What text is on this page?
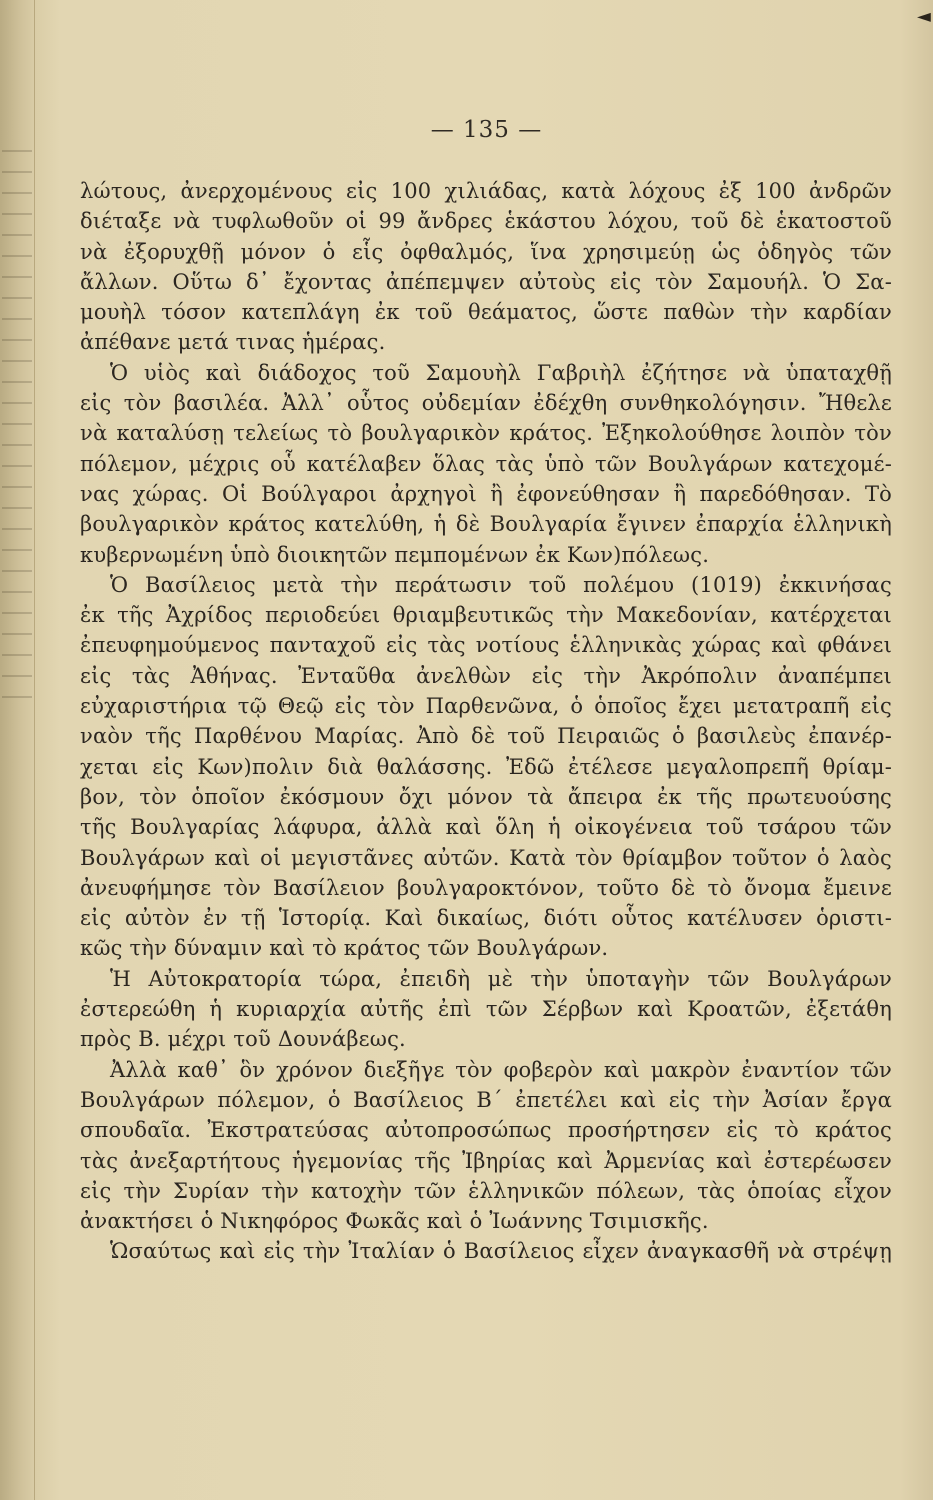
◄
— 135 —
λώτους, ἀνερχομένους εἰς 100 χιλιάδας, κατὰ λόχους ἐξ 100 ἀνδρῶν
διέταξε νὰ τυφλωθοῦν οἱ 99 ἄνδρες ἑκάστου λόχου, τοῦ δὲ ἑκατοστοῦ
νὰ ἐξορυχθῇ μόνον ὁ εἷς ὀφθαλμός, ἵνα χρησιμεύῃ ὡς ὁδηγὸς τῶν
ἄλλων. Οὕτω δ᾽ ἔχοντας ἀπέπεμψεν αὐτοὺς εἰς τὸν Σαμουήλ. Ὁ Σα-
μουὴλ τόσον κατεπλάγη ἐκ τοῦ θεάματος, ὥστε παθὼν τὴν καρδίαν
ἀπέθανε μετά τινας ἡμέρας.
Ὁ υἱὸς καὶ διάδοχος τοῦ Σαμουὴλ Γαβριὴλ ἐζήτησε νὰ ὑπαταχθῇ
εἰς τὸν βασιλέα. Ἀλλ᾽ οὗτος οὐδεμίαν ἐδέχθη συνθηκολόγησιν. Ἤθελε
νὰ καταλύσῃ τελείως τὸ βουλγαρικὸν κράτος. Ἐξηκολούθησε λοιπὸν τὸν
πόλεμον, μέχρις οὗ κατέλαβεν ὅλας τὰς ὑπὸ τῶν Βουλγάρων κατεχομέ-
νας χώρας. Οἱ Βούλγαροι ἀρχηγοὶ ἢ ἐφονεύθησαν ἢ παρεδόθησαν. Τὸ
βουλγαρικὸν κράτος κατελύθη, ἡ δὲ Βουλγαρία ἔγινεν ἐπαρχία ἑλληνικὴ
κυβερνωμένη ὑπὸ διοικητῶν πεμπομένων ἐκ Κων)πόλεως.
Ὁ Βασίλειος μετὰ τὴν περάτωσιν τοῦ πολέμου (1019) ἐκκινήσας
ἐκ τῆς Ἀχρίδος περιοδεύει θριαμβευτικῶς τὴν Μακεδονίαν, κατέρχεται
ἐπευφημούμενος πανταχοῦ εἰς τὰς νοτίους ἑλληνικὰς χώρας καὶ φθάνει
εἰς τὰς Ἀθήνας. Ἐνταῦθα ἀνελθὼν εἰς τὴν Ἀκρόπολιν ἀναπέμπει
εὐχαριστήρια τῷ Θεῷ εἰς τὸν Παρθενῶνα, ὁ ὁποῖος ἔχει μετατραπῆ εἰς
ναὸν τῆς Παρθένου Μαρίας. Ἀπὸ δὲ τοῦ Πειραιῶς ὁ βασιλεὺς ἐπανέρ-
χεται εἰς Κων)πολιν διὰ θαλάσσης. Ἐδῶ ἐτέλεσε μεγαλοπρεπῆ θρίαμ-
βον, τὸν ὁποῖον ἐκόσμουν ὄχι μόνον τὰ ἄπειρα ἐκ τῆς πρωτευούσης
τῆς Βουλγαρίας λάφυρα, ἀλλὰ καὶ ὅλη ἡ οἰκογένεια τοῦ τσάρου τῶν
Βουλγάρων καὶ οἱ μεγιστᾶνες αὐτῶν. Κατὰ τὸν θρίαμβον τοῦτον ὁ λαὸς
ἀνευφήμησε τὸν Βασίλειον βουλγαροκτόνον, τοῦτο δὲ τὸ ὄνομα ἔμεινε
εἰς αὐτὸν ἐν τῇ Ἱστορίᾳ. Καὶ δικαίως, διότι οὗτος κατέλυσεν ὁριστι-
κῶς τὴν δύναμιν καὶ τὸ κράτος τῶν Βουλγάρων.
Ἡ Αὐτοκρατορία τώρα, ἐπειδὴ μὲ τὴν ὑποταγὴν τῶν Βουλγάρων
ἐστερεώθη ἡ κυριαρχία αὐτῆς ἐπὶ τῶν Σέρβων καὶ Κροατῶν, ἐξετάθη
πρὸς Β. μέχρι τοῦ Δουνάβεως.
Ἀλλὰ καθ᾽ ὃν χρόνον διεξῆγε τὸν φοβερὸν καὶ μακρὸν ἐναντίον τῶν
Βουλγάρων πόλεμον, ὁ Βασίλειος Β´ ἐπετέλει καὶ εἰς τὴν Ἀσίαν ἔργα
σπουδαῖα. Ἐκστρατεύσας αὐτοπροσώπως προσήρτησεν εἰς τὸ κράτος
τὰς ἀνεξαρτήτους ἡγεμονίας τῆς Ἰβηρίας καὶ Ἀρμενίας καὶ ἐστερέωσεν
εἰς τὴν Συρίαν τὴν κατοχὴν τῶν ἑλληνικῶν πόλεων, τὰς ὁποίας εἶχον
ἀνακτήσει ὁ Νικηφόρος Φωκᾶς καὶ ὁ Ἰωάννης Τσιμισκῆς.
Ὡσαύτως καὶ εἰς τὴν Ἰταλίαν ὁ Βασίλειος εἶχεν ἀναγκασθῆ νὰ στρέψῃ
